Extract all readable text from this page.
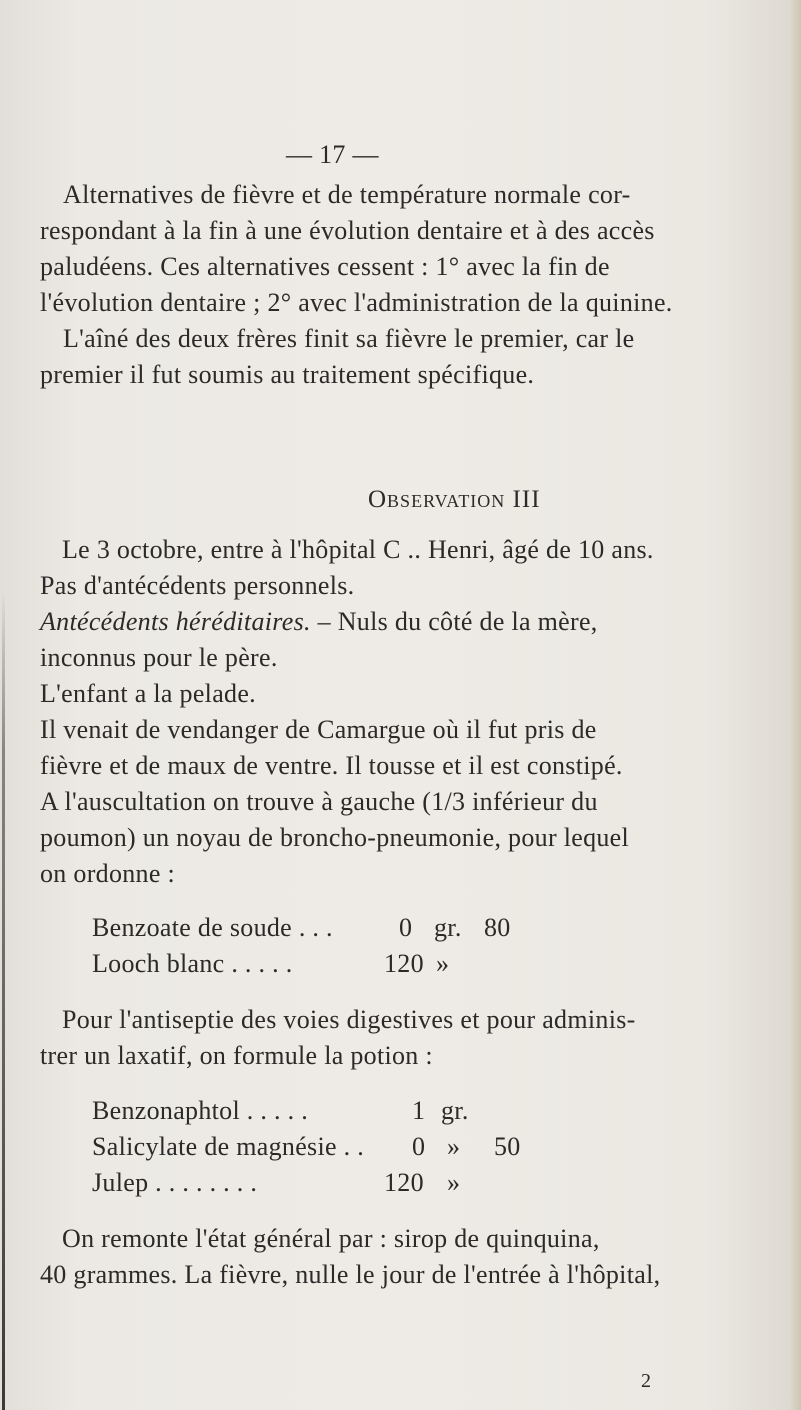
— 17 —
Alternatives de fièvre et de température normale cor-
respondant à la fin à une évolution dentaire et à des accès
paludéens. Ces alternatives cessent : 1° avec la fin de
l'évolution dentaire ; 2° avec l'administration de la quinine.
L'aîné des deux frères finit sa fièvre le premier, car le
premier il fut soumis au traitement spécifique.
Observation III
Le 3 octobre, entre à l'hôpital C .. Henri, âgé de 10 ans.
Pas d'antécédents personnels.
Antécédents héréditaires. – Nuls du côté de la mère,
inconnus pour le père.
L'enfant a la pelade.
Il venait de vendanger de Camargue où il fut pris de
fièvre et de maux de ventre. Il tousse et il est constipé.
A l'auscultation on trouve à gauche (1/3 inférieur du
poumon) un noyau de broncho-pneumonie, pour lequel
on ordonne :
Benzoate de soude . . .	0 gr. 80
Looch blanc . . . . .	120 »
Pour l'antiseptie des voies digestives et pour adminis-
trer un laxatif, on formule la potion :
Benzonaphtol . . . . .	1 gr.
Salicylate de magnésie . . 0 » 50
Julep . . . . . . . .	120 »
On remonte l'état général par : sirop de quinquina,
40 grammes. La fièvre, nulle le jour de l'entrée à l'hôpital,
2
